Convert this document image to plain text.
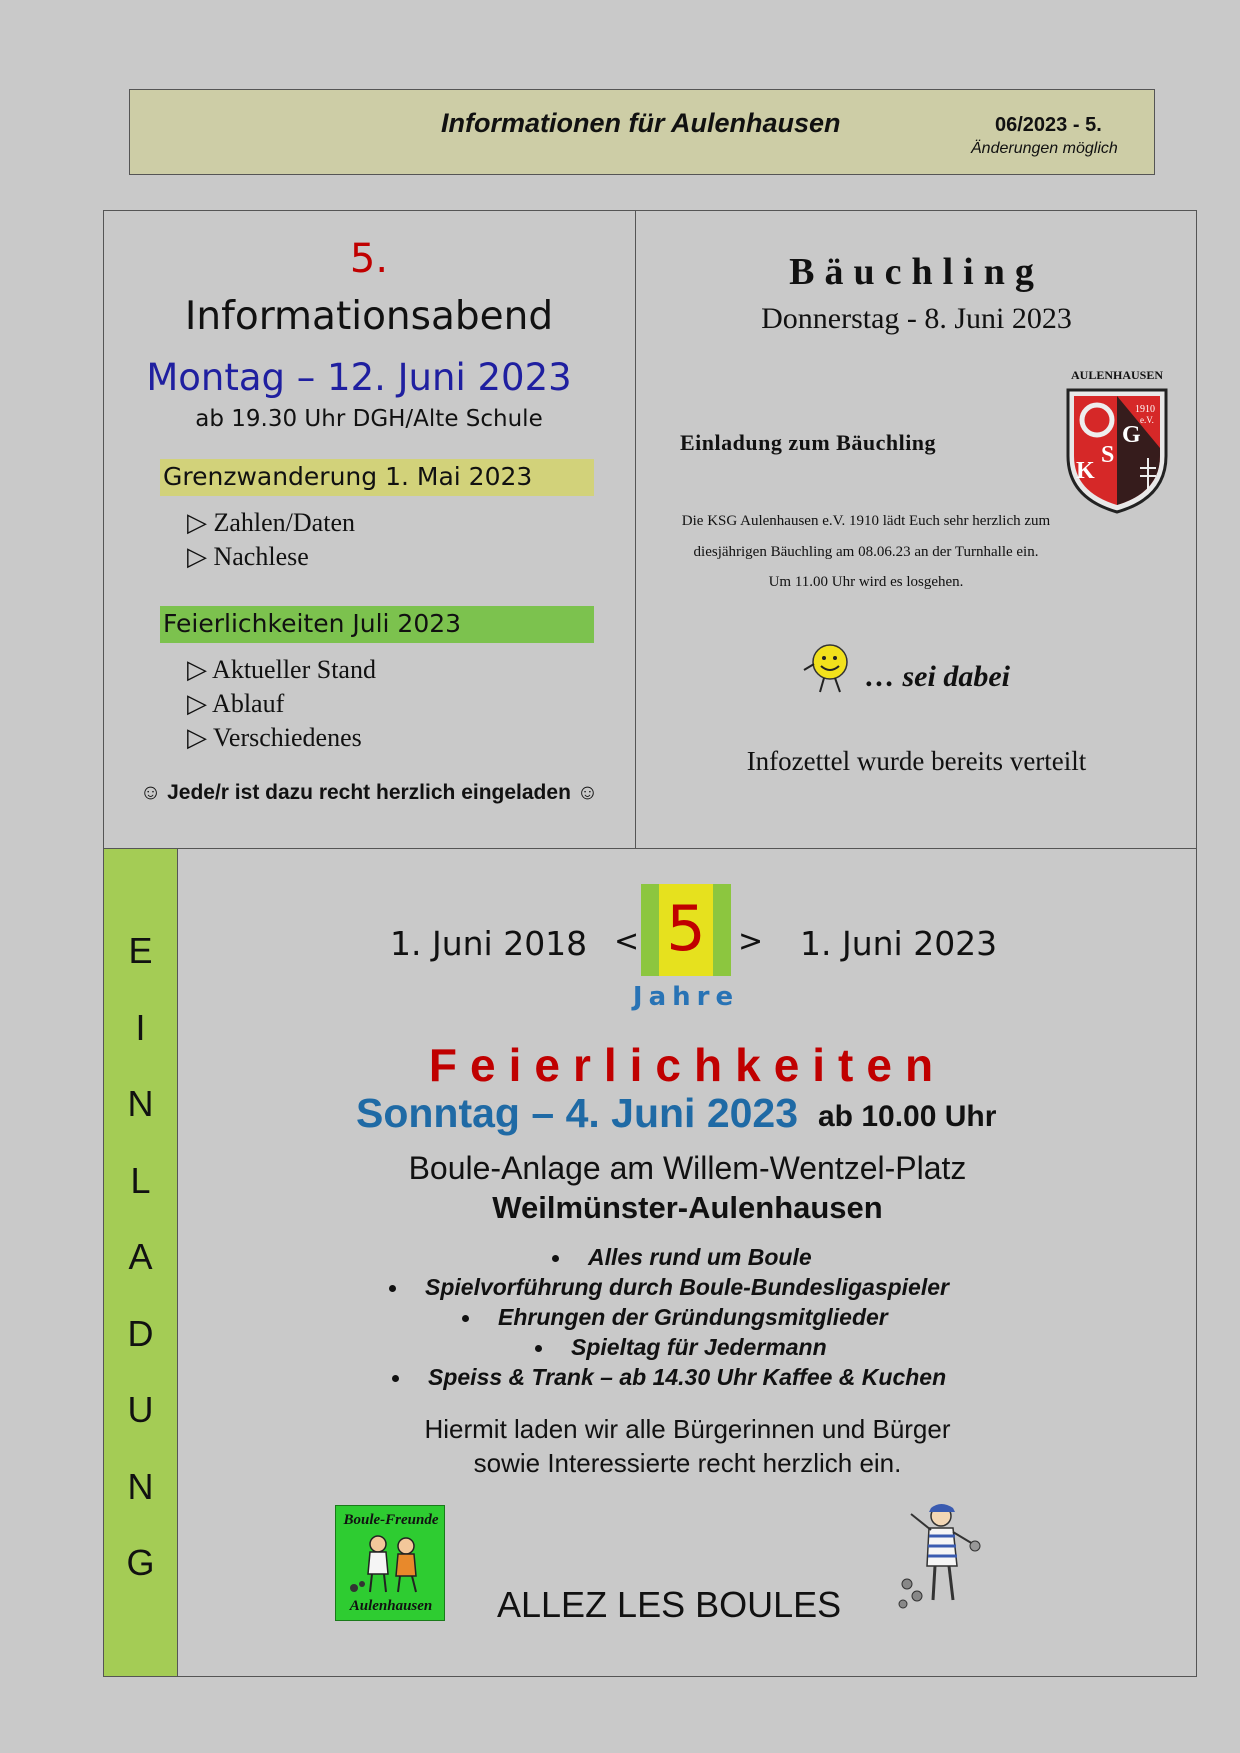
Informationen für Aulenhausen	06/2023 - 5.
Änderungen möglich
5.
Informationsabend
Montag – 12. Juni 2023
ab 19.30 Uhr DGH/Alte Schule
Grenzwanderung 1. Mai 2023
▷ Zahlen/Daten
▷ Nachlese
Feierlichkeiten Juli 2023
▷ Aktueller Stand
▷ Ablauf
▷ Verschiedenes
☺ Jede/r ist dazu recht herzlich eingeladen ☺
Bäuchling
Donnerstag - 8. Juni 2023
Einladung zum Bäuchling
AULENHAUSEN
1910
e.V.
K
S
G
Die KSG Aulenhausen e.V. 1910 lädt Euch sehr herzlich zum
diesjährigen Bäuchling am 08.06.23 an der Turnhalle ein.
Um 11.00 Uhr wird es losgehen.
… sei dabei
Infozettel wurde bereits verteilt
E
I
N
L
A
D
U
N
G
1. Juni 2018 < 5	> 1. Juni 2023
Jahre
Feierlichkeiten
Sonntag – 4. Juni 2023 ab 10.00 Uhr
Boule-Anlage am Willem-Wentzel-Platz
Weilmünster-Aulenhausen
Alles rund um Boule
Spielvorführung durch Boule-Bundesligaspieler
Ehrungen der Gründungsmitglieder
Spieltag für Jedermann
Speiss & Trank – ab 14.30 Uhr Kaffee & Kuchen
Hiermit laden wir alle Bürgerinnen und Bürger
sowie Interessierte recht herzlich ein.
Boule-Freunde
Aulenhausen ALLEZ LES BOULES
